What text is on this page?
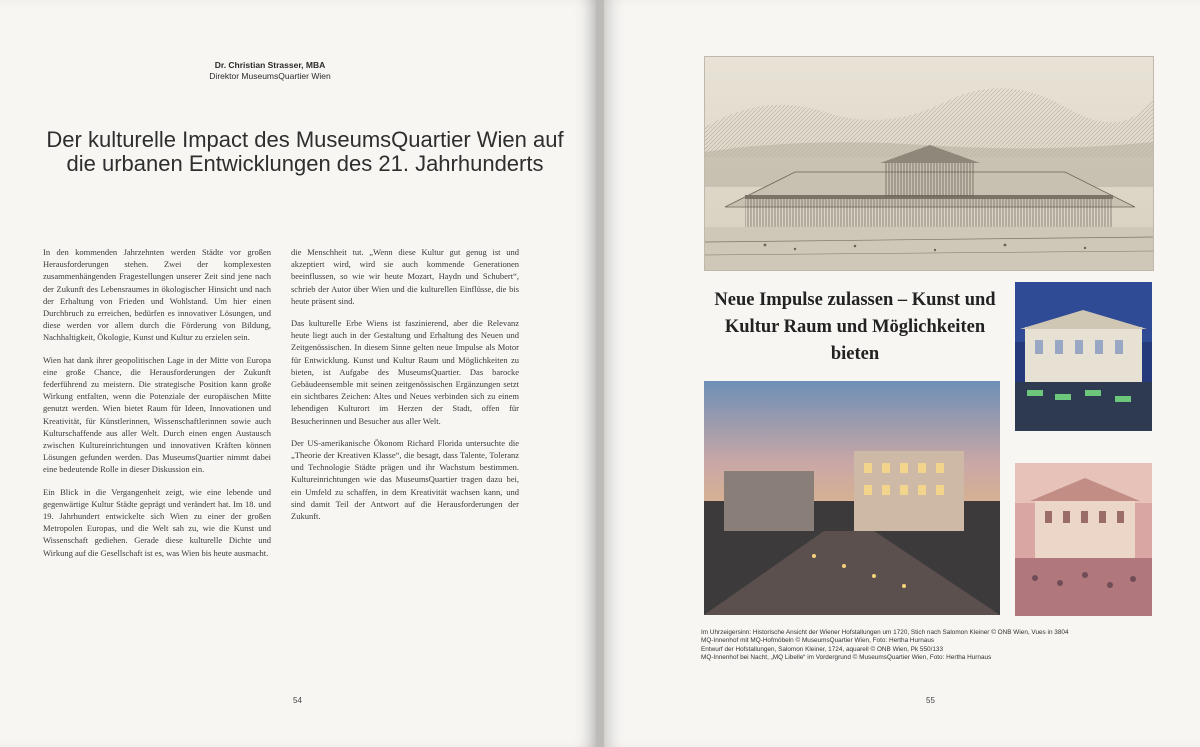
Dr. Christian Strasser, MBA
Direktor MuseumsQuartier Wien
Der kulturelle Impact des MuseumsQuartier Wien auf die urbanen Entwicklungen des 21. Jahrhunderts

In den kommenden Jahrzehnten werden Städte vor großen Herausforderungen stehen. Zwei der komplexesten zusammenhängenden Fragestellungen unserer Zeit sind jene nach der Zukunft des Lebensraumes in ökologischer Hinsicht und nach der Erhaltung von Frieden und Wohlstand. Um hier einen Durchbruch zu erreichen, bedürfen es innovativer Lösungen, und diese werden vor allem durch die Förderung von Bildung, Nachhaltigkeit, Ökologie, Kunst und Kultur zu erzielen sein.

Wien hat dank ihrer geopolitischen Lage in der Mitte von Europa eine große Chance, die Herausforderungen der Zukunft federführend zu meistern. Die strategische Position kann große Wirkung entfalten, wenn die Potenziale der europäischen Mitte genutzt werden. Wien bietet Raum für Ideen, Innovationen und Kreativität, für Künstlerinnen, Wissenschaftlerinnen sowie auch Kulturschaffende aus aller Welt. Durch einen engen Austausch zwischen Kultureinrichtungen und innovativen Kräften können Lösungen gefunden werden. Das MuseumsQuartier nimmt dabei eine bedeutende Rolle in dieser Diskussion ein.

Ein Blick in die Vergangenheit zeigt, wie eine lebende und gegenwärtige Kultur Städte geprägt und verändert hat. Im 18. und 19. Jahrhundert entwickelte sich Wien zu einer der großen Metropolen Europas, und die Welt sah zu, wie die Kunst und Wissenschaft gediehen. Gerade diese kulturelle Dichte und Wirkung auf die Gesellschaft ist es, was Wien bis heute ausmacht.

die Menschheit tut. „Wenn diese Kultur gut genug ist und akzeptiert wird, wird sie auch kommende Generationen beeinflussen, so wie wir heute Mozart, Haydn und Schubert“, schrieb der Autor über Wien und die kulturellen Einflüsse, die bis heute präsent sind.

Das kulturelle Erbe Wiens ist faszinierend, aber die Relevanz heute liegt auch in der Gestaltung und Erhaltung des Neuen und Zeitgenössischen. In diesem Sinne gelten neue Impulse als Motor für Entwicklung. Kunst und Kultur Raum und Möglichkeiten zu bieten, ist Aufgabe des MuseumsQuartier. Das barocke Gebäudeensemble mit seinen zeitgenössischen Ergänzungen setzt ein sichtbares Zeichen: Altes und Neues verbinden sich zu einem lebendigen Kulturort im Herzen der Stadt, offen für Besucherinnen und Besucher aus aller Welt.

Der US-amerikanische Ökonom Richard Florida untersuchte die „Theorie der Kreativen Klasse“, die besagt, dass Talente, Toleranz und Technologie Städte prägen und ihr Wachstum bestimmen. Kultureinrichtungen wie das MuseumsQuartier tragen dazu bei, ein Umfeld zu schaffen, in dem Kreativität wachsen kann, und sind damit Teil der Antwort auf die Herausforderungen der Zukunft.

54
Neue Impulse zulassen – Kunst und Kultur Raum und Möglichkeiten bieten
Im Uhrzeigersinn: Historische Ansicht der Wiener Hofstallungen um 1720, Stich nach Salomon Kleiner © ÖNB Wien, Vues in 3804
MQ-Innenhof mit MQ-Hofmöbeln © MuseumsQuartier Wien, Foto: Hertha Hurnaus
Entwurf der Hofstallungen, Salomon Kleiner, 1724, aquarell © ÖNB Wien, Pk 550/133
MQ-Innenhof bei Nacht, „MQ Libelle“ im Vordergrund © MuseumsQuartier Wien, Foto: Hertha Hurnaus
55
